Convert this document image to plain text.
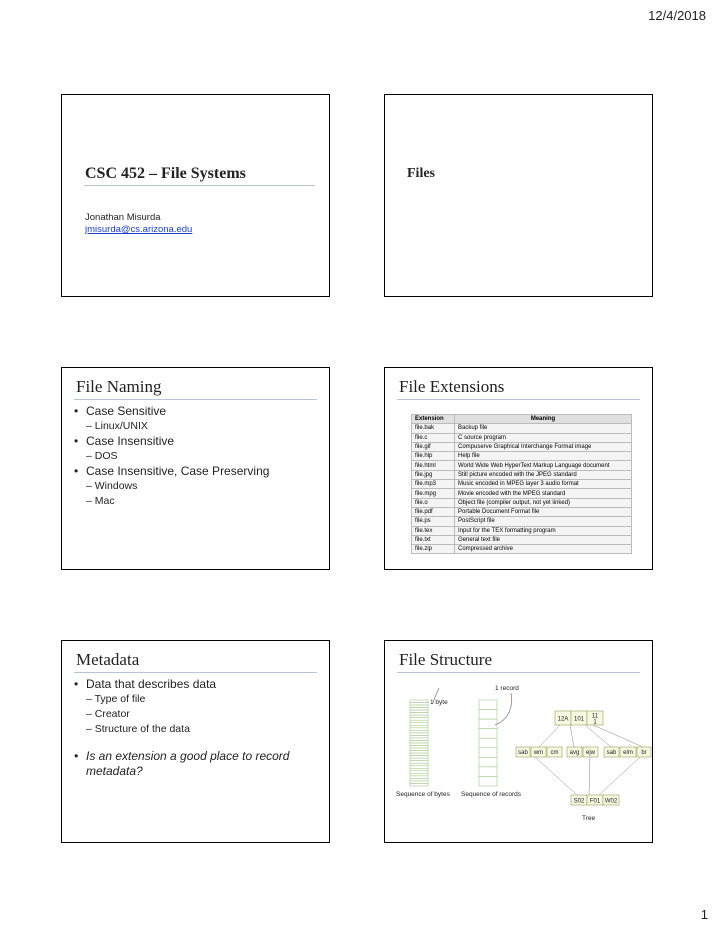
12/4/2018
CSC 452 – File Systems
Jonathan Misurda
jmisurda@cs.arizona.edu
Files
File Naming
• Case Sensitive
– Linux/UNIX
• Case Insensitive
– DOS
• Case Insensitive, Case Preserving
– Windows
– Mac
File Extensions
Extension	Meaning
file.bak	Backup file
file.c	C source program
file.gif	Compuserve Graphical Interchange Format image
file.hlp	Help file
file.html	World Wide Web HyperText Markup Language document
file.jpg	Still picture encoded with the JPEG standard
file.mp3	Music encoded in MPEG layer 3 audio format
file.mpg	Movie encoded with the MPEG standard
file.o	Object file (compiler output, not yet linked)
file.pdf	Portable Document Format file
file.ps	PostScript file
file.tex	Input for the TEX formatting program
file.txt	General text file
file.zip	Compressed archive
Metadata
• Data that describes data
– Type of file
– Creator
– Structure of the data
• Is an extension a good place to record metadata?
File Structure
1 byte
1 record
Sequence of bytes Sequence of records
Tree
12A 101 11
1
sab wm cm avg ejw sab elm br
S02 F01 W02
1
